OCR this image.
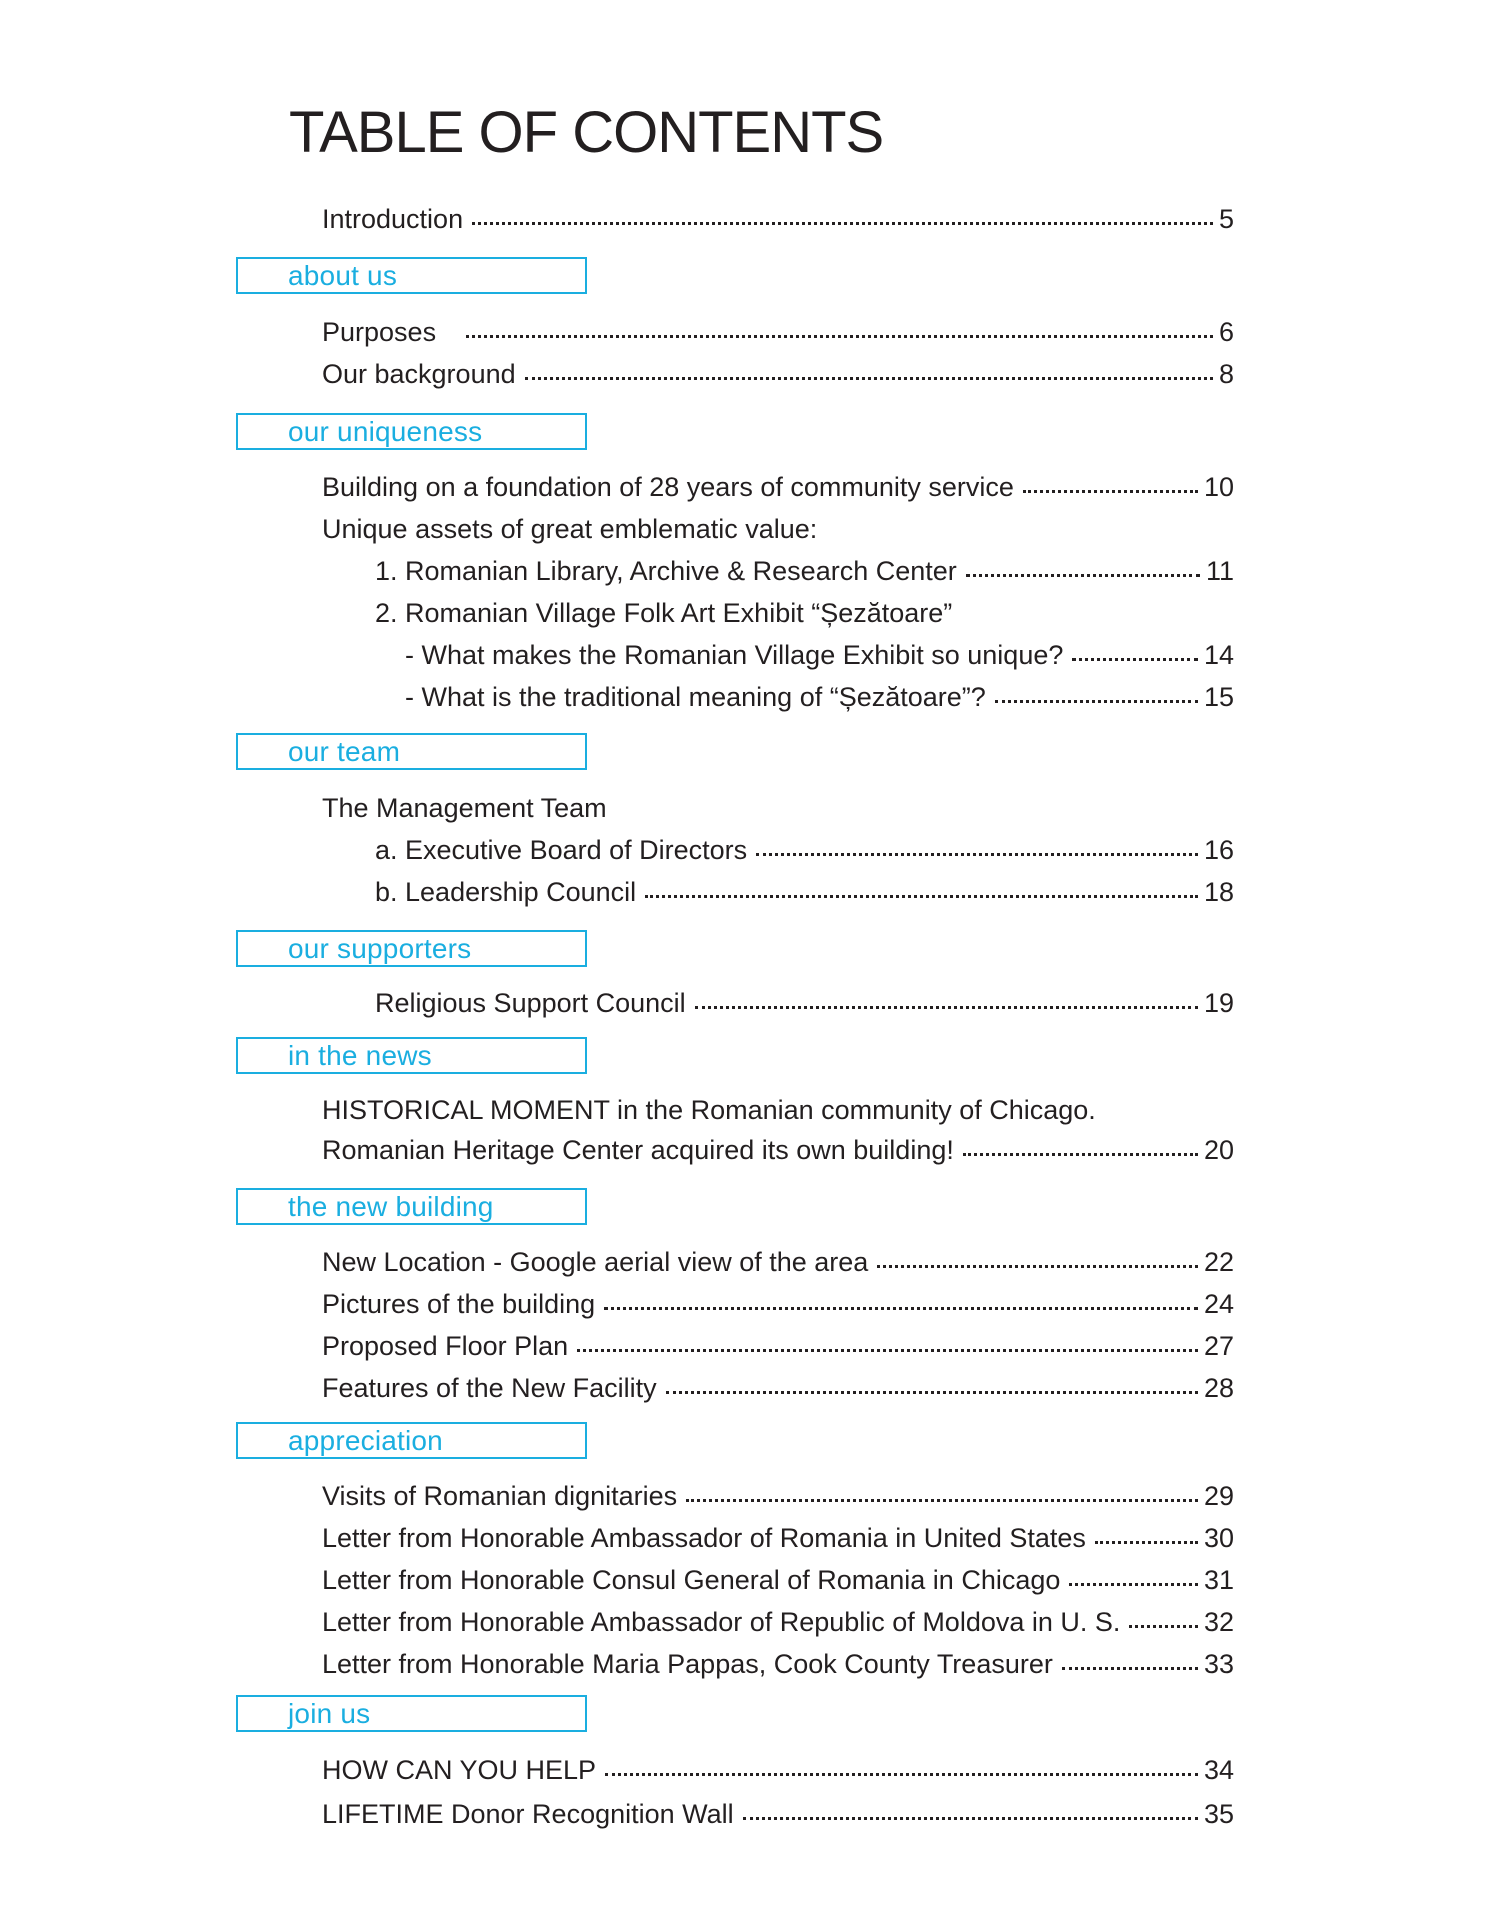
TABLE OF CONTENTS
Introduction	5
about us
Purposes	6
Our background	8
our uniqueness
Building on a foundation of 28 years of community service	10
Unique assets of great emblematic value:
1. Romanian Library, Archive & Research Center	11
2. Romanian Village Folk Art Exhibit “Șezătoare”
- What makes the Romanian Village Exhibit so unique?	14
- What is the traditional meaning of “Șezătoare”?	15
our team
The Management Team
a. Executive Board of Directors	16
b. Leadership Council	18
our supporters
Religious Support Council	19
in the news
HISTORICAL MOMENT in the Romanian community of Chicago.
Romanian Heritage Center acquired its own building!	20
the new building
New Location - Google aerial view of the area	22
Pictures of the building	24
Proposed Floor Plan	27
Features of the New Facility	28
appreciation
Visits of Romanian dignitaries	29
Letter from Honorable Ambassador of Romania in United States	30
Letter from Honorable Consul General of Romania in Chicago	31
Letter from Honorable Ambassador of Republic of Moldova in U. S.	32
Letter from Honorable Maria Pappas, Cook County Treasurer	33
join us
HOW CAN YOU HELP	34
LIFETIME Donor Recognition Wall	35
